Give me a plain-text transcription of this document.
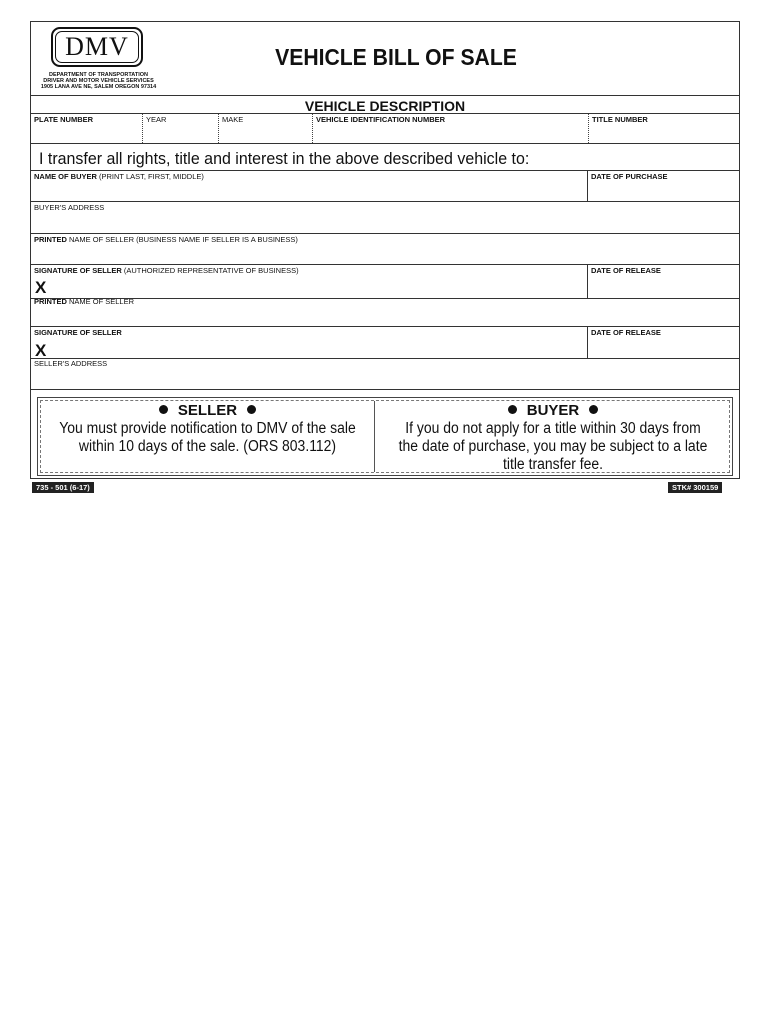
DMV
DEPARTMENT OF TRANSPORTATION
DRIVER AND MOTOR VEHICLE SERVICES
1905 LANA AVE NE, SALEM OREGON 97314
VEHICLE BILL OF SALE
VEHICLE DESCRIPTION
PLATE NUMBER	YEAR	MAKE	VEHICLE IDENTIFICATION NUMBER	TITLE NUMBER
I transfer all rights, title and interest in the above described vehicle to:
NAME OF BUYER (PRINT LAST, FIRST, MIDDLE)	DATE OF PURCHASE
BUYER'S ADDRESS
PRINTED NAME OF SELLER (BUSINESS NAME IF SELLER IS A BUSINESS)
SIGNATURE OF SELLER (AUTHORIZED REPRESENTATIVE OF BUSINESS)
X
DATE OF RELEASE
PRINTED NAME OF SELLER
SIGNATURE OF SELLER
X
DATE OF RELEASE
SELLER'S ADDRESS
SELLER
You must provide notification to DMV of the sale within 10 days of the sale. (ORS 803.112)
BUYER
If you do not apply for a title within 30 days from the date of purchase, you may be subject to a late title transfer fee.
735 - 501 (6-17)	STK# 300159
